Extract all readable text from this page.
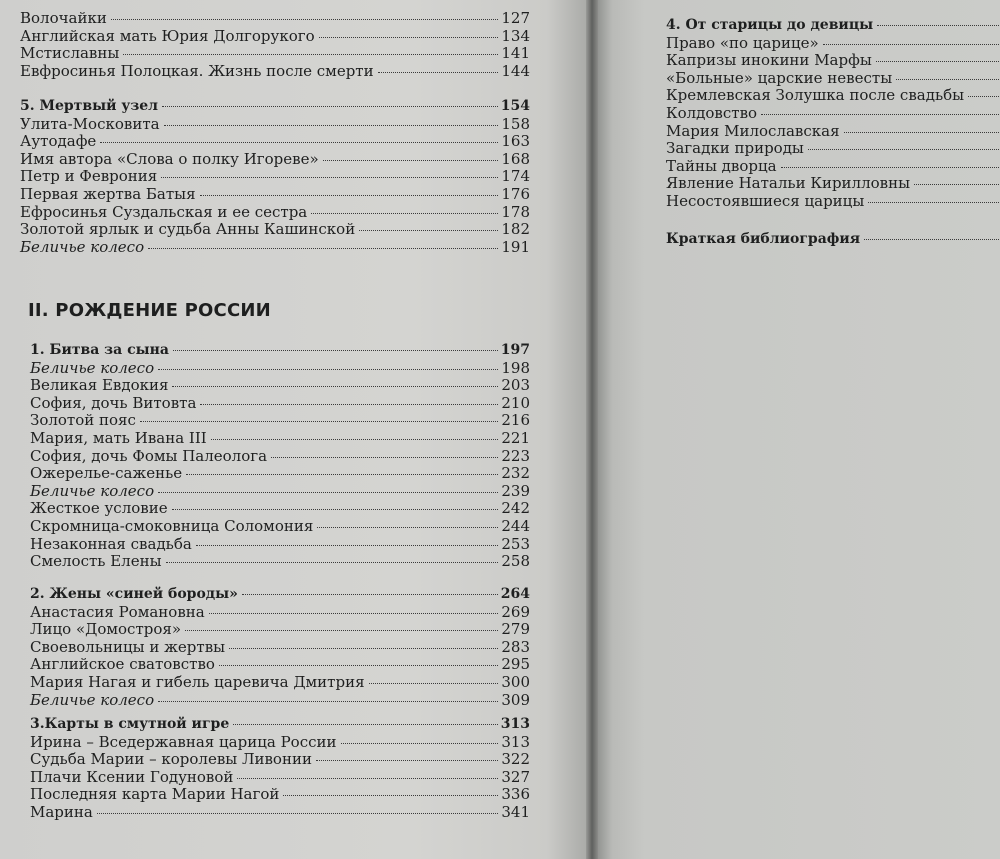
Волочайки	127
Английская мать Юрия Долгорукого	134
Мстиславны	141
Евфросинья Полоцкая. Жизнь после смерти	144
5. Мертвый узел	154
Улита-Московита	158
Аутодафе	163
Имя автора «Слова о полку Игореве»	168
Петр и Феврония	174
Первая жертва Батыя	176
Ефросинья Суздальская и ее сестра	178
Золотой ярлык и судьба Анны Кашинской	182
Беличье колесо	191
1. Битва за сына	197
Беличье колесо	198
Великая Евдокия	203
София, дочь Витовта	210
Золотой пояс	216
Мария, мать Ивана III	221
София, дочь Фомы Палеолога	223
Ожерелье-саженье	232
Беличье колесо	239
Жесткое условие	242
Скромница-смоковница Соломония	244
Незаконная свадьба	253
Смелость Елены	258
2. Жены «синей бороды»	264
Анастасия Романовна	269
Лицо «Домостроя»	279
Своевольницы и жертвы	283
Английское сватовство	295
Мария Нагая и гибель царевича Дмитрия	300
Беличье колесо	309
3.Карты в смутной игре	313
Ирина – Вседержавная царица России	313
Судьба Марии – королевы Ливонии	322
Плачи Ксении Годуновой	327
Последняя карта Марии Нагой	336
Марина	341
II. РОЖДЕНИЕ РОССИИ
4. От старицы до девицы
Право «по царице»
Капризы инокини Марфы
«Больные» царские невесты
Кремлевская Золушка после свадьбы
Колдовство
Мария Милославская
Загадки природы
Тайны дворца
Явление Натальи Кирилловны
Несостоявшиеся царицы
Краткая библиография
